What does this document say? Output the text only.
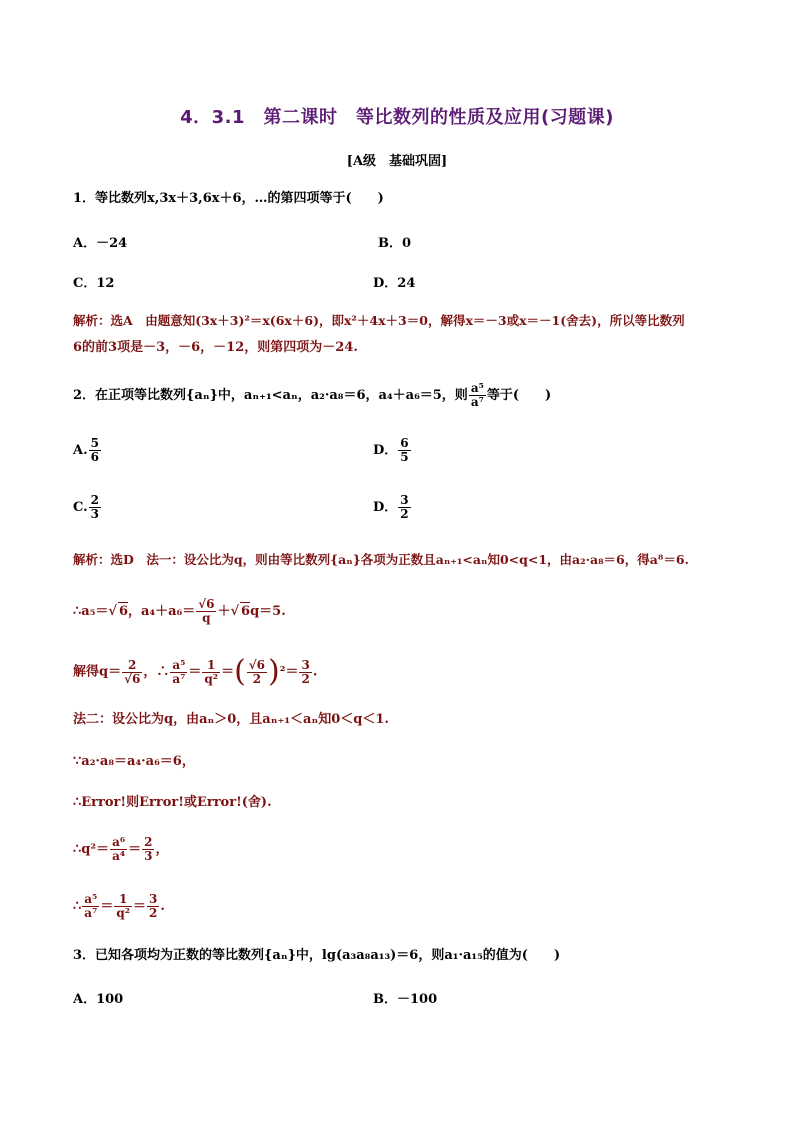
4．3.1　第二课时　等比数列的性质及应用(习题课)
[A级　基础巩固]
1．等比数列x,3x＋3,6x＋6，…的第四项等于(　　)
A．－24	B．0
C．12	D．24
解析：选A　由题意知(3x＋3)²＝x(6x＋6)，即x²＋4x＋3＝0，解得x＝－3或x＝－1(舍去)，所以等比数列
6的前3项是－3，－6，－12，则第四项为－24.
2．在正项等比数列{aₙ}中，aₙ₊₁<aₙ，a₂·a₈＝6，a₄＋a₆＝5，则 $\frac{\text{a⁵}}{\text{a⁷}}$ 等于(　　)
A. $\frac{5}{6}$	D． $\frac{6}{5}$
C. $\frac{2}{3}$	D． $\frac{3}{2}$
解析：选D　法一：设公比为q，则由等比数列{aₙ}各项为正数且aₙ₊₁<aₙ知0<q<1，由a₂·a₈＝6，得a⁸＝6.
∴a₅＝√ 6，$a_4+a_6= \frac{√6}{q}$ ＋√ 6q＝5.
解得$q= \frac{2}{√6}$ ，∴ $\frac{\text{a⁵}}{\text{a⁷}} = \frac{1}{\text{q²}}$ ＝( $\frac{√6}{2} )^2= \frac{3}{2}$ .
法二：设公比为q，由aₙ＞0，且aₙ₊₁＜aₙ知0＜q＜1.
∵a₂·a₈＝a₄·a₆＝6，
∴Error!则Error!或Error!(舍).
∴q²＝ $\frac{\text{a⁶}}{\text{a⁴}} = \frac{2}{3}$ ，
∴ $\frac{\text{a⁵}}{\text{a⁷}} = \frac{1}{\text{q²}} = \frac{3}{2}$ .
3．已知各项均为正数的等比数列{aₙ}中，lg(a₃a₈a₁₃)＝6，则a₁·a₁₅的值为(　　)
A．100	B．－100
